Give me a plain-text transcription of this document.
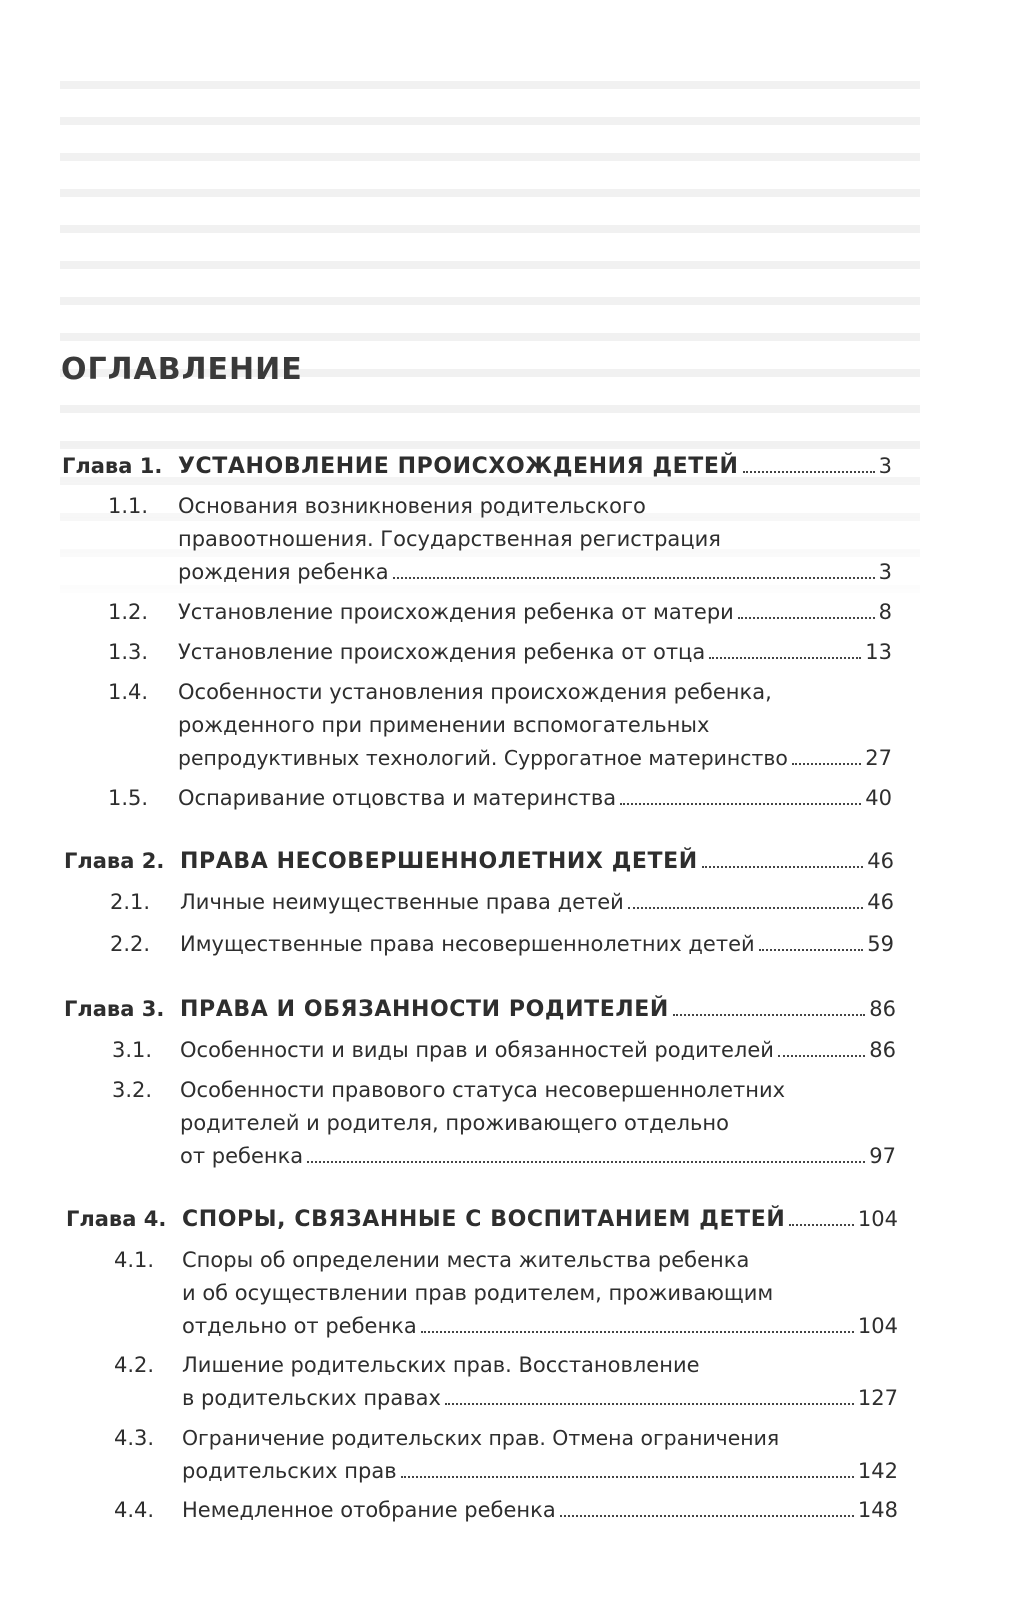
ОГЛАВЛЕНИЕ
Глава 1. УСТАНОВЛЕНИЕ ПРОИСХОЖДЕНИЯ ДЕТЕЙ	3
1.1.	Основания возникновения родительского
правоотношения. Государственная регистрация
рождения ребенка	3
1.2.	Установление происхождения ребенка от матери	8
1.3.	Установление происхождения ребенка от отца	13
1.4.	Особенности установления происхождения ребенка,
рожденного при применении вспомогательных
репродуктивных технологий. Суррогатное материнство	27
1.5.	Оспаривание отцовства и материнства	40
Глава 2. ПРАВА НЕСОВЕРШЕННОЛЕТНИХ ДЕТЕЙ	46
2.1.	Личные неимущественные права детей	46
2.2.	Имущественные права несовершеннолетних детей	59
Глава 3. ПРАВА И ОБЯЗАННОСТИ РОДИТЕЛЕЙ	86
3.1.	Особенности и виды прав и обязанностей родителей	86
3.2.	Особенности правового статуса несовершеннолетних
родителей и родителя, проживающего отдельно
от ребенка	97
Глава 4. СПОРЫ, СВЯЗАННЫЕ С ВОСПИТАНИЕМ ДЕТЕЙ	104
4.1.	Споры об определении места жительства ребенка
и об осуществлении прав родителем, проживающим
отдельно от ребенка	104
4.2.	Лишение родительских прав. Восстановление
в родительских правах	127
4.3.	Ограничение родительских прав. Отмена ограничения
родительских прав	142
4.4.	Немедленное отобрание ребенка	148
